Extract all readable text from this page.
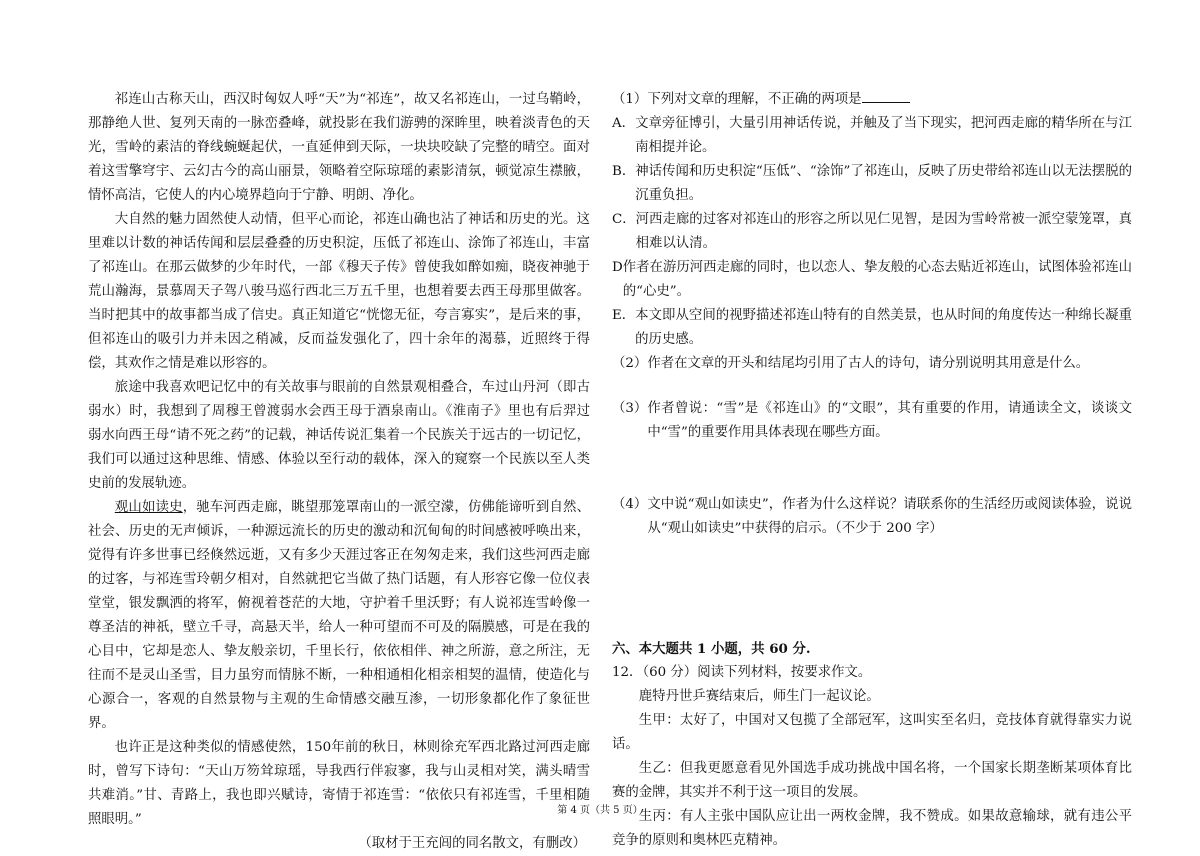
祁连山古称天山，西汉时匈奴人呼“天”为“祁连”，故又名祁连山，一过乌鞘岭，那静绝人世、复列天南的一脉峦叠峰，就投影在我们游骋的深眸里，映着淡青色的天光，雪岭的素洁的脊线蜿蜒起伏，一直延伸到天际，一块块咬缺了完整的晴空。面对着这雪擎穹宇、云幻古今的高山丽景，领略着空际琼瑶的素影清氛，顿觉凉生襟腋，情怀高洁，它使人的内心境界趋向于宁静、明朗、净化。

大自然的魅力固然使人动情，但平心而论，祁连山确也沾了神话和历史的光。这里难以计数的神话传闻和层层叠叠的历史积淀，压低了祁连山、涂饰了祁连山，丰富了祁连山。在那云做梦的少年时代，一部《穆天子传》曾使我如醉如痴，晓夜神驰于荒山瀚海，景慕周天子驾八骏马巡行西北三万五千里，也想着要去西王母那里做客。当时把其中的故事都当成了信史。真正知道它“恍惚无征，夸言寡实”，是后来的事，但祁连山的吸引力并未因之稍减，反而益发强化了，四十余年的渴慕，近照终于得偿，其欢作之情是难以形容的。

旅途中我喜欢吧记忆中的有关故事与眼前的自然景观相叠合，车过山丹河（即古弱水）时，我想到了周穆王曾渡弱水会西王母于酒泉南山。《淮南子》里也有后羿过弱水向西王母“请不死之药”的记载，神话传说汇集着一个民族关于远古的一切记忆，我们可以通过这种思维、情感、体验以至行动的载体，深入的窥察一个民族以至人类史前的发展轨迹。

观山如读史，驰车河西走廊，眺望那笼罩南山的一派空濛，仿佛能谛听到自然、社会、历史的无声倾诉，一种源远流长的历史的激动和沉甸甸的时间感被呼唤出来，觉得有许多世事已经倏然远逝，又有多少天涯过客正在匆匆走来，我们这些河西走廊的过客，与祁连雪玲朝夕相对，自然就把它当做了热门话题，有人形容它像一位仪表堂堂，银发飘洒的将军，俯视着苍茫的大地，守护着千里沃野；有人说祁连雪岭像一尊圣洁的神祇，壁立千寻，高悬天半，给人一种可望而不可及的隔膜感，可是在我的心目中，它却是恋人、挚友般亲切，千里长行，依依相伴、神之所游，意之所注，无往而不是灵山圣雪，目力虽穷而情脉不断，一种相通相化相亲相契的温情，使造化与心源合一，客观的自然景物与主观的生命情感交融互渗，一切形象都化作了象征世界。

也许正是这种类似的情感使然，150年前的秋日，林则徐充军西北路过河西走廊时，曾写下诗句：“天山万笏耸琼瑶，导我西行伴寂寥，我与山灵相对笑，满头晴雪共难消。”甘、青路上，我也即兴赋诗，寄情于祁连雪：“依依只有祁连雪，千里相随照眼明。”

（取材于王充闾的同名散文，有删改）

（1） 下列对文章的理解，不正确的两项是
A． 文章旁征博引，大量引用神话传说，并触及了当下现实，把河西走廊的精华所在与江南相提并论。
B． 神话传闻和历史积淀“压低”、“涂饰”了祁连山，反映了历史带给祁连山以无法摆脱的沉重负担。
C． 河西走廊的过客对祁连山的形容之所以见仁见智，是因为雪岭常被一派空蒙笼罩，真相难以认清。
D 作者在游历河西走廊的同时，也以恋人、挚友般的心态去贴近祁连山，试图体验祁连山的“心史”。
E． 本文即从空间的视野描述祁连山特有的自然美景，也从时间的角度传达一种绵长凝重的历史感。
（2） 作者在文章的开头和结尾均引用了古人的诗句，请分别说明其用意是什么。
（3） 作者曾说：“雪”是《祁连山》的“文眼”，其有重要的作用，请通读全文，谈谈文中“雪”的重要作用具体表现在哪些方面。
（4） 文中说“观山如读史”，作者为什么这样说？请联系你的生活经历或阅读体验，说说从“观山如读史”中获得的启示。（不少于 200 字）

六、本大题共 1 小题，共 60 分.

12．（60 分）阅读下列材料，按要求作文。

鹿特丹世乒赛结束后，师生门一起议论。

生甲：太好了，中国对又包揽了全部冠军，这叫实至名归，竞技体育就得靠实力说话。

生乙：但我更愿意看见外国选手成功挑战中国名将，一个国家长期垄断某项体育比赛的金牌，其实并不利于这一项目的发展。

生丙：有人主张中国队应让出一两枚金牌，我不赞成。如果故意输球，就有违公平竞争的原则和奥林匹克精神。

第 4 页（共 5 页）
